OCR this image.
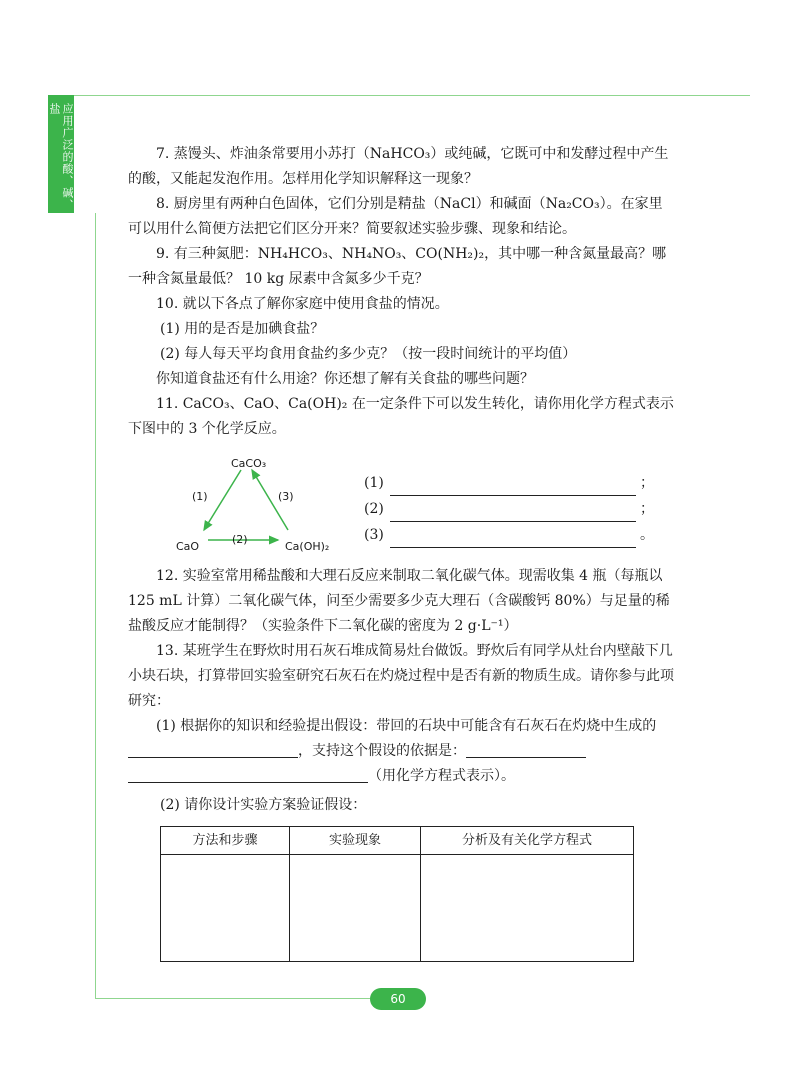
应用广泛的酸、碱、盐
60

7. 蒸馒头、炸油条常要用小苏打（NaHCO₃）或纯碱，它既可中和发酵过程中产生的酸，又能起发泡作用。怎样用化学知识解释这一现象？

8. 厨房里有两种白色固体，它们分别是精盐（NaCl）和碱面（Na₂CO₃）。在家里可以用什么简便方法把它们区分开来？简要叙述实验步骤、现象和结论。

9. 有三种氮肥：NH₄HCO₃、NH₄NO₃、CO(NH₂)₂，其中哪一种含氮量最高？哪一种含氮量最低？ 10 kg 尿素中含氮多少千克？

10. 就以下各点了解你家庭中使用食盐的情况。

(1) 用的是否是加碘食盐？

(2) 每人每天平均食用食盐约多少克？（按一段时间统计的平均值）

你知道食盐还有什么用途？你还想了解有关食盐的哪些问题？

11. CaCO₃、CaO、Ca(OH)₂ 在一定条件下可以发生转化，请你用化学方程式表示下图中的 3 个化学反应。

CaCO₃
CaO	Ca(OH)₂
(1)
(2)
(3)
(1)	；
(2)	；
(3)	。

12. 实验室常用稀盐酸和大理石反应来制取二氧化碳气体。现需收集 4 瓶（每瓶以 125 mL 计算）二氧化碳气体，问至少需要多少克大理石（含碳酸钙 80%）与足量的稀盐酸反应才能制得？（实验条件下二氧化碳的密度为 2 g·L⁻¹）

13. 某班学生在野炊时用石灰石堆成简易灶台做饭。野炊后有同学从灶台内壁敲下几小块石块，打算带回实验室研究石灰石在灼烧过程中是否有新的物质生成。请你参与此项研究：

(1) 根据你的知识和经验提出假设：带回的石块中可能含有石灰石在灼烧中生成的，支持这个假设的依据是：

（用化学方程式表示）。

(2) 请你设计实验方案验证假设：

方法和步骤	实验现象	分析及有关化学方程式
